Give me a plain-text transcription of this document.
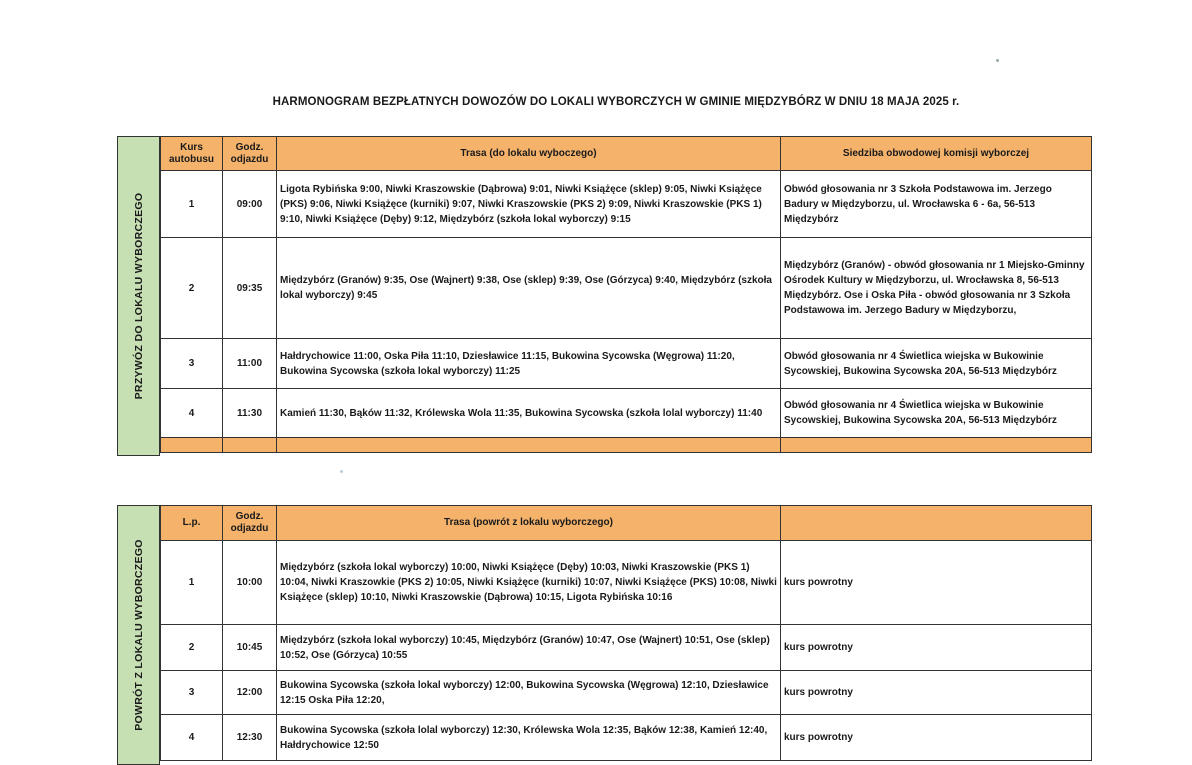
HARMONOGRAM BEZPŁATNYCH DOWOZÓW DO LOKALI WYBORCZYCH W GMINIE MIĘDZYBÓRZ W DNIU 18 MAJA 2025 r.
PRZYWÓZ DO LOKALU WYBORCZEGO
Kurs autobusu	Godz. odjazdu	Trasa (do lokalu wyboczego)	Siedziba obwodowej komisji wyborczej
1	09:00	Ligota Rybińska 9:00, Niwki Kraszowskie (Dąbrowa) 9:01, Niwki Książęce (sklep) 9:05, Niwki Książęce (PKS) 9:06, Niwki Książęce (kurniki) 9:07, Niwki Kraszowskie (PKS 2) 9:09, Niwki Kraszowskie (PKS 1) 9:10, Niwki Książęce (Dęby) 9:12, Międzybórz (szkoła lokal wyborczy) 9:15	Obwód głosowania nr 3 Szkoła Podstawowa im. Jerzego Badury w Międzyborzu, ul. Wrocławska 6 - 6a, 56-513 Międzybórz
2	09:35	Międzybórz (Granów) 9:35, Ose (Wajnert) 9:38, Ose (sklep) 9:39, Ose (Górzyca) 9:40, Międzybórz (szkoła lokal wyborczy) 9:45	Międzybórz (Granów) - obwód głosowania nr 1 Miejsko-Gminny Ośrodek Kultury w Międzyborzu, ul. Wrocławska 8, 56-513 Międzybórz. Ose i Oska Piła - obwód głosowania nr 3 Szkoła Podstawowa im. Jerzego Badury w Międzyborzu,
3	11:00	Hałdrychowice 11:00, Oska Piła 11:10, Dziesławice 11:15, Bukowina Sycowska (Węgrowa) 11:20, Bukowina Sycowska (szkoła lokal wyborczy) 11:25	Obwód głosowania nr 4 Świetlica wiejska w Bukowinie Sycowskiej, Bukowina Sycowska 20A, 56-513 Międzybórz
4	11:30	Kamień 11:30, Bąków 11:32, Królewska Wola 11:35, Bukowina Sycowska (szkoła lolal wyborczy) 11:40	Obwód głosowania nr 4 Świetlica wiejska w Bukowinie Sycowskiej, Bukowina Sycowska 20A, 56-513 Międzybórz

POWRÓT Z LOKALU WYBORCZEGO
L.p.	Godz. odjazdu	Trasa (powrót z lokalu wyborczego)	
1	10:00	Międzybórz (szkoła lokal wyborczy) 10:00, Niwki Książęce (Dęby) 10:03, Niwki Kraszowskie (PKS 1) 10:04, Niwki Kraszowkie (PKS 2) 10:05, Niwki Książęce (kurniki) 10:07, Niwki Książęce (PKS) 10:08, Niwki Książęce (sklep) 10:10, Niwki Kraszowskie (Dąbrowa) 10:15, Ligota Rybińska 10:16	kurs powrotny
2	10:45	Międzybórz (szkoła lokal wyborczy) 10:45, Międzybórz (Granów) 10:47, Ose (Wajnert) 10:51, Ose (sklep) 10:52, Ose (Górzyca) 10:55	kurs powrotny
3	12:00	Bukowina Sycowska (szkoła lokal wyborczy) 12:00, Bukowina Sycowska (Węgrowa) 12:10, Dziesławice 12:15 Oska Piła 12:20,	kurs powrotny
4	12:30	Bukowina Sycowska (szkoła lolal wyborczy) 12:30, Królewska Wola 12:35, Bąków 12:38, Kamień 12:40, Hałdrychowice 12:50	kurs powrotny
